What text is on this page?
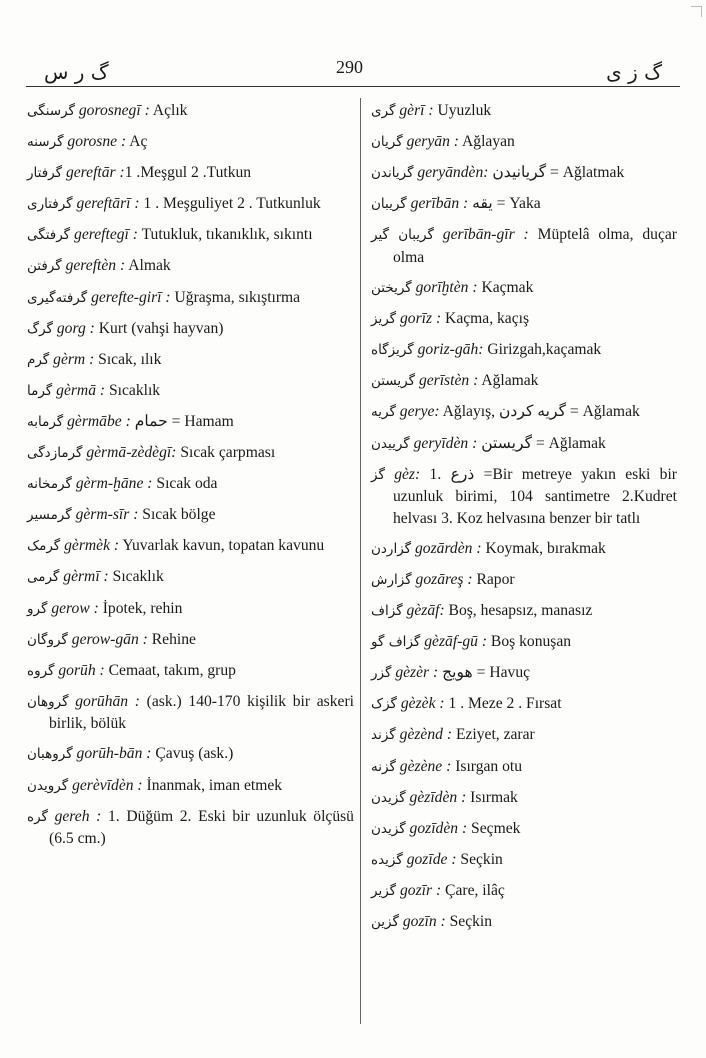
گ ر س	290	گ ز ى
گرسنگی gorosnegī : Açlık
گرسنه gorosne : Aç
گرفتار gereftār :1 .Meşgul 2 .Tutkun
گرفتاری gereftārī : 1 . Meşguliyet 2 . Tutkunluk
گرفتگی gereftegī : Tutukluk, tıkanıklık, sıkıntı
گرفتن gereftèn : Almak
گرفته‌گیری gerefte-girī : Uğraşma, sıkıştırma
گرگ gorg : Kurt (vahşi hayvan)
گرم gèrm : Sıcak, ılık
گرما gèrmā : Sıcaklık
گرمابه gèrmābe : حمام = Hamam
گرمازدگی gèrmā-zèdègī: Sıcak çarpması
گرمخانه gèrm-ḫāne : Sıcak oda
گرمسیر gèrm-sīr : Sıcak bölge
گرمک gèrmèk : Yuvarlak kavun, topatan kavunu
گرمی gèrmī : Sıcaklık
گرو gerow : İpotek, rehin
گروگان gerow-gān : Rehine
گروه gorūh : Cemaat, takım, grup
گروهان gorūhān : (ask.) 140-170 kişilik bir askeri birlik, bölük
گروهبان gorūh-bān : Çavuş (ask.)
گرویدن gerèvīdèn : İnanmak, iman etmek
گره gereh : 1. Düğüm 2. Eski bir uzunluk ölçüsü (6.5 cm.)
گری gèrī : Uyuzluk
گریان geryān : Ağlayan
گریاندن geryāndèn: گریانیدن = Ağlatmak
گریبان gerībān : يقه = Yaka
گریبان گیر gerībān-gīr : Müptelâ olma, duçar olma
گریختن gorīḫtèn : Kaçmak
گریز gorīz : Kaçma, kaçış
گریزگاه goriz-gāh: Girizgah,kaçamak
گریستن gerīstèn : Ağlamak
گریه gerye: Ağlayış, گریه کردن = Ağlamak
گرییدن geryīdèn : گریستن = Ağlamak
گز gèz: 1. ذرع =Bir metreye yakın eski bir uzunluk birimi, 104 santimetre 2.Kudret helvası 3. Koz helvasına benzer bir tatlı
گزاردن gozārdèn : Koymak, bırakmak
گزارش gozāreş : Rapor
گزاف gèzāf: Boş, hesapsız, manasız
گزاف گو gèzāf-gū : Boş konuşan
گزر gèzèr : هویج = Havuç
گزک gèzèk : 1 . Meze 2 . Fırsat
گزند gèzènd : Eziyet, zarar
گزنه gèzène : Isırgan otu
گزیدن gèzīdèn : Isırmak
گزیدن gozīdèn : Seçmek
گزیده gozīde : Seçkin
گزیر gozīr : Çare, ilâç
گزین gozīn : Seçkin
